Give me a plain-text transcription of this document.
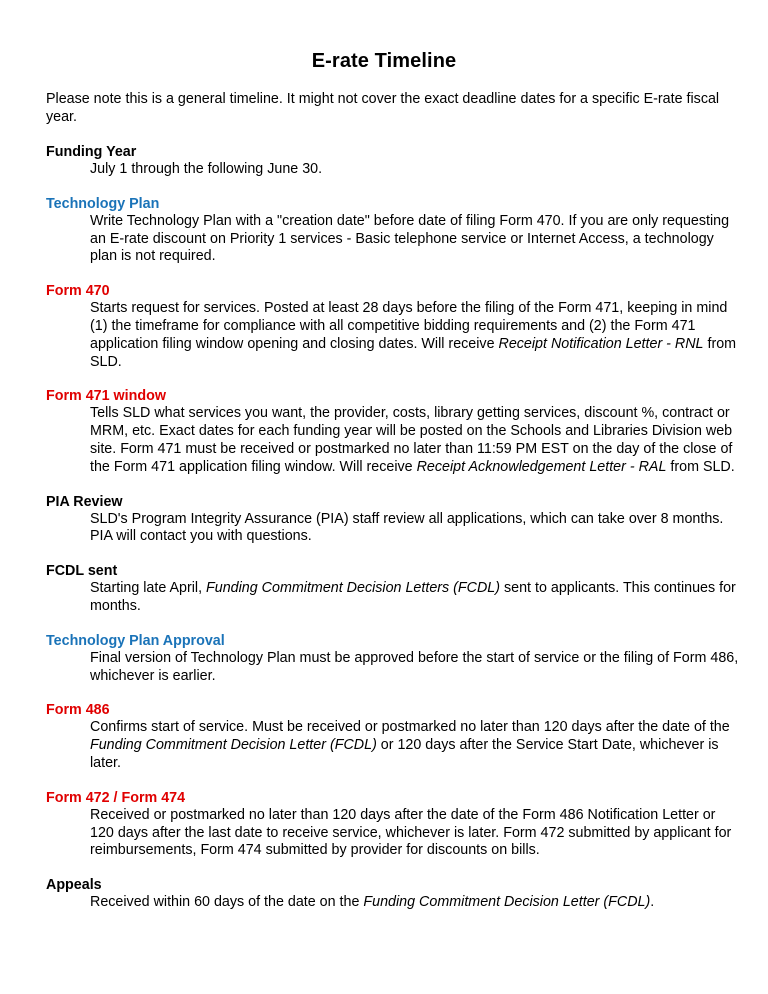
E-rate Timeline
Please note this is a general timeline. It might not cover the exact deadline dates for a specific E-rate fiscal year.
Funding Year
July 1 through the following June 30.
Technology Plan
Write Technology Plan with a "creation date" before date of filing Form 470. If you are only requesting an E-rate discount on Priority 1 services - Basic telephone service or Internet Access, a technology plan is not required.
Form 470
Starts request for services. Posted at least 28 days before the filing of the Form 471, keeping in mind (1) the timeframe for compliance with all competitive bidding requirements and (2) the Form 471 application filing window opening and closing dates. Will receive Receipt Notification Letter - RNL from SLD.
Form 471 window
Tells SLD what services you want, the provider, costs, library getting services, discount %, contract or MRM, etc. Exact dates for each funding year will be posted on the Schools and Libraries Division web site. Form 471 must be received or postmarked no later than 11:59 PM EST on the day of the close of the Form 471 application filing window. Will receive Receipt Acknowledgement Letter - RAL from SLD.
PIA Review
SLD's Program Integrity Assurance (PIA) staff review all applications, which can take over 8 months. PIA will contact you with questions.
FCDL sent
Starting late April, Funding Commitment Decision Letters (FCDL) sent to applicants. This continues for months.
Technology Plan Approval
Final version of Technology Plan must be approved before the start of service or the filing of Form 486, whichever is earlier.
Form 486
Confirms start of service. Must be received or postmarked no later than 120 days after the date of the Funding Commitment Decision Letter (FCDL) or 120 days after the Service Start Date, whichever is later.
Form 472 / Form 474
Received or postmarked no later than 120 days after the date of the Form 486 Notification Letter or 120 days after the last date to receive service, whichever is later. Form 472 submitted by applicant for reimbursements, Form 474 submitted by provider for discounts on bills.
Appeals
Received within 60 days of the date on the Funding Commitment Decision Letter (FCDL).
